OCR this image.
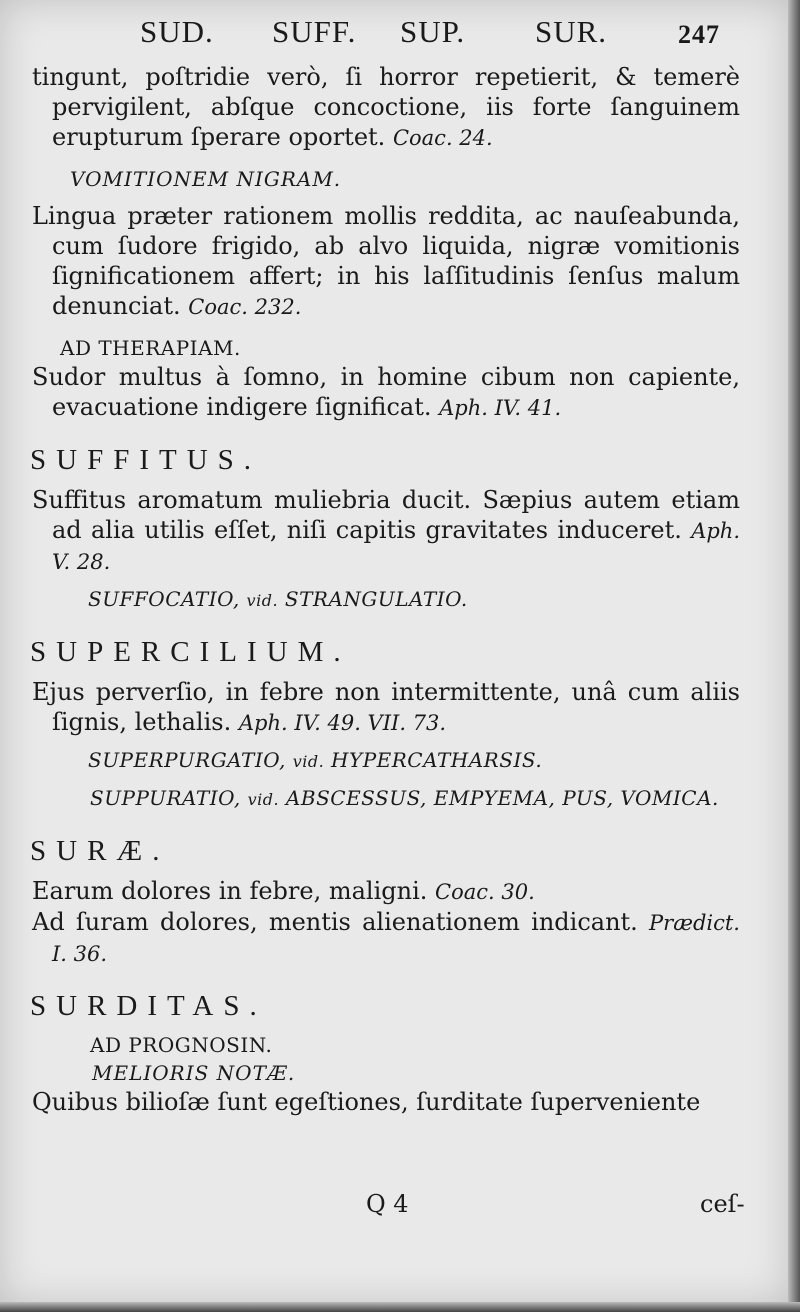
SUD. SUFF. SUP. SUR.	247

tingunt, poſtridie verò, ſi horror repetierit, & temerè pervigilent, abſque concoctione, iis forte ſanguinem erupturum ſperare oportet. Coac. 24.

VOMITIONEM NIGRAM.

Lingua præter rationem mollis reddita, ac nauſeabunda, cum ſudore frigido, ab alvo liquida, nigræ vomitionis ſignificationem affert; in his laſſitudinis ſenſus malum denunciat. Coac. 232.

AD THERAPIAM.

Sudor multus à ſomno, in homine cibum non capiente, evacuatione indigere ſignificat. Aph. IV. 41.

SUFFITUS.

Suffitus aromatum muliebria ducit. Sæpius autem etiam ad alia utilis eſſet, niſi capitis gravitates induceret. Aph. V. 28.

SUFFOCATIO, vid. STRANGULATIO.

SUPERCILIUM.

Ejus perverſio, in febre non intermittente, unâ cum aliis ſignis, lethalis. Aph. IV. 49. VII. 73.

SUPERPURGATIO, vid. HYPERCATHARSIS.

SUPPURATIO, vid. ABSCESSUS, EMPYEMA, PUS, VOMICA.

SURÆ.

Earum dolores in febre, maligni. Coac. 30.

Ad ſuram dolores, mentis alienationem indicant. Prædict. I. 36.

SURDITAS.

AD PROGNOSIN.

MELIORIS NOTÆ.

Quibus bilioſæ ſunt egeſtiones, ſurditate ſuperveniente

Q 4	ceſ-
